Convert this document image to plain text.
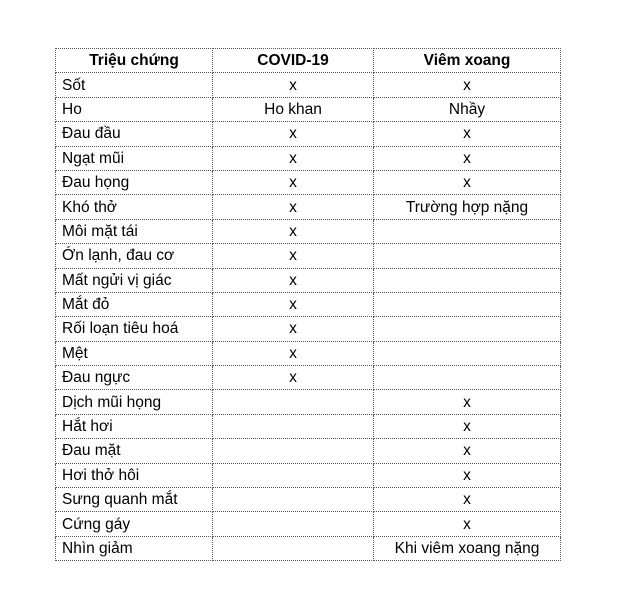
Triệu chứng	COVID-19	Viêm xoang
Sốt	x	x
Ho	Ho khan	Nhầy
Đau đầu	x	x
Ngạt mũi	x	x
Đau họng	x	x
Khó thở	x	Trường hợp nặng
Môi mặt tái	x	
Ớn lạnh, đau cơ	x	
Mất ngửi vị giác	x	
Mắt đỏ	x	
Rối loạn tiêu hoá	x	
Mệt	x	
Đau ngực	x	
Dịch mũi họng		x
Hắt hơi		x
Đau mặt		x
Hơi thở hôi		x
Sưng quanh mắt		x
Cứng gáy		x
Nhìn giảm		Khi viêm xoang nặng
